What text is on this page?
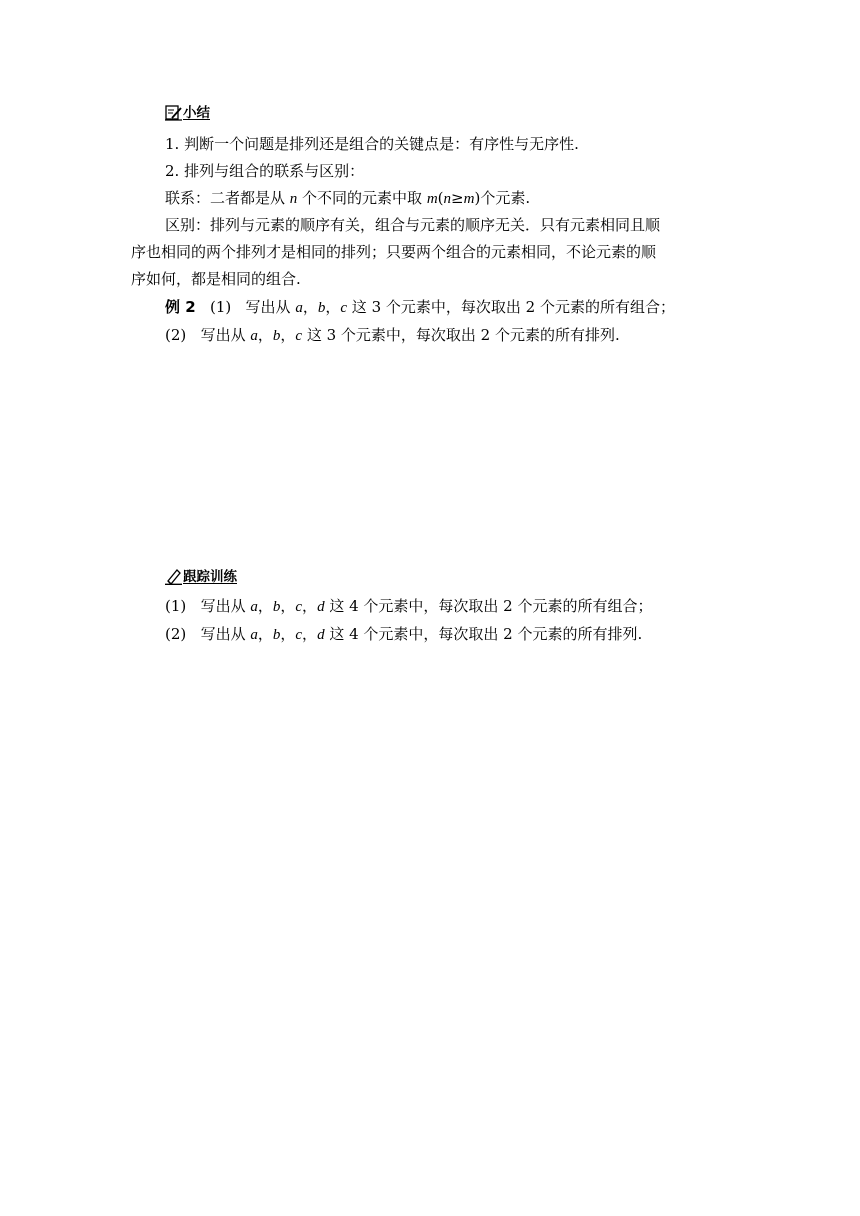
小结
1. 判断一个问题是排列还是组合的关键点是：有序性与无序性.
2. 排列与组合的联系与区别：
联系：二者都是从 n 个不同的元素中取 m(n≥m)个元素.
区别：排列与元素的顺序有关，组合与元素的顺序无关．只有元素相同且顺
序也相同的两个排列才是相同的排列；只要两个组合的元素相同，不论元素的顺
序如何，都是相同的组合.
例 2 (1) 写出从 a，b，c 这 3 个元素中，每次取出 2 个元素的所有组合；
(2) 写出从 a，b，c 这 3 个元素中，每次取出 2 个元素的所有排列.
跟踪训练
(1) 写出从 a，b，c，d 这 4 个元素中，每次取出 2 个元素的所有组合；
(2) 写出从 a，b，c，d 这 4 个元素中，每次取出 2 个元素的所有排列.
